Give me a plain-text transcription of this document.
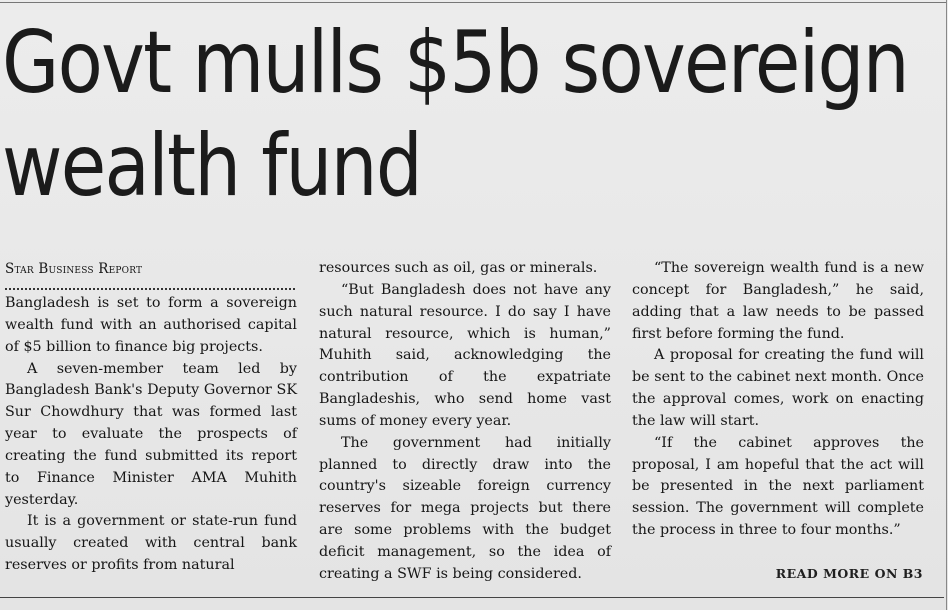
Govt mulls $5b sovereign
wealth fund

Star Business Report

Bangladesh is set to form a sovereign wealth fund with an authorised capital of $5 billion to finance big projects.

A seven-member team led by Bangladesh Bank's Deputy Governor SK Sur Chowdhury that was formed last year to evaluate the prospects of creating the fund submitted its report to Finance Minister AMA Muhith yesterday.

It is a government or state-run fund usually created with central bank reserves or profits from natural

resources such as oil, gas or minerals.

“But Bangladesh does not have any such natural resource. I do say I have natural resource, which is human,” Muhith said, acknowledging the contribution of the expatriate Bangladeshis, who send home vast sums of money every year.

The government had initially planned to directly draw into the country's sizeable foreign currency reserves for mega projects but there are some problems with the budget deficit management, so the idea of creating a SWF is being considered.

“The sovereign wealth fund is a new concept for Bangladesh,” he said, adding that a law needs to be passed first before forming the fund.

A proposal for creating the fund will be sent to the cabinet next month. Once the approval comes, work on enacting the law will start.

“If the cabinet approves the proposal, I am hopeful that the act will be presented in the next parliament session. The government will complete the process in three to four months.”

READ MORE ON B3
